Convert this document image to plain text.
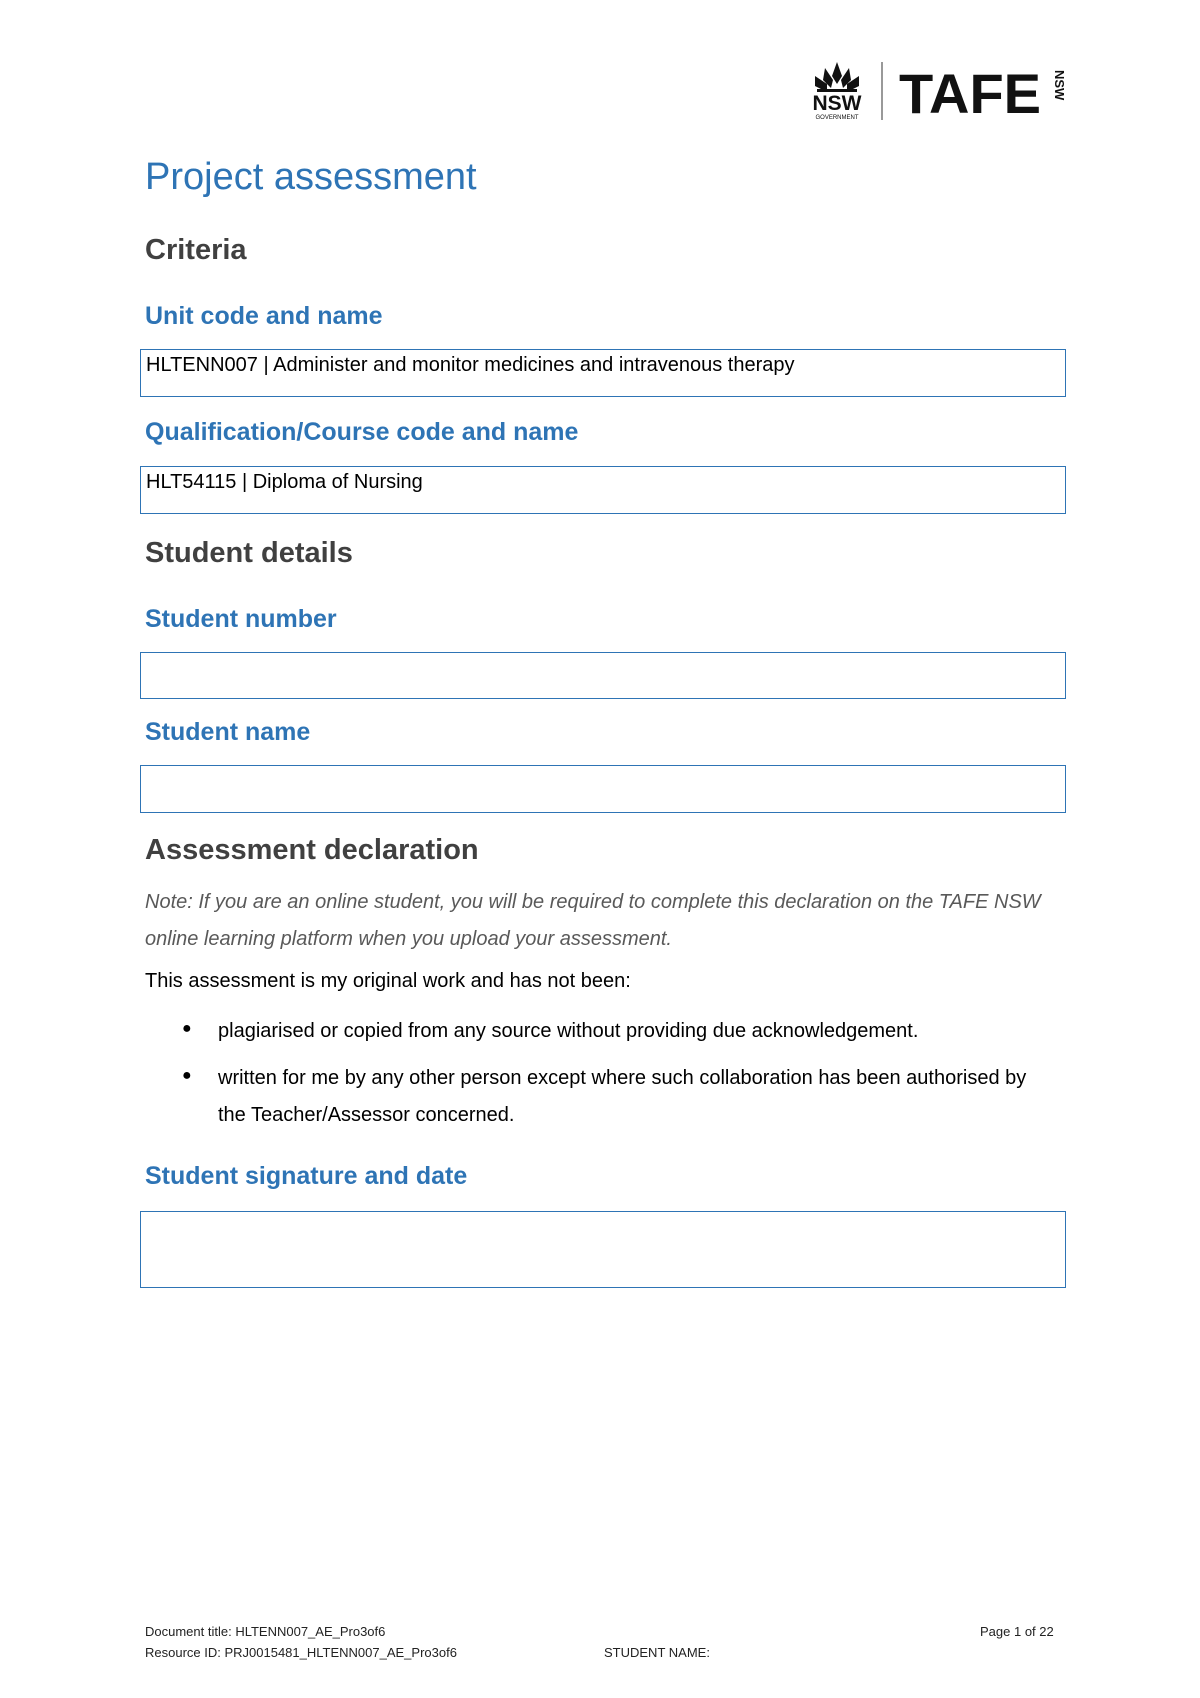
NSW
GOVERNMENT TAFE NSW
Project assessment
Criteria
Unit code and name
HLTENN007 | Administer and monitor medicines and intravenous therapy
Qualification/Course code and name
HLT54115 | Diploma of Nursing
Student details
Student number
Student name
Assessment declaration
Note: If you are an online student, you will be required to complete this declaration on the TAFE NSW online learning platform when you upload your assessment.
This assessment is my original work and has not been:
● plagiarised or copied from any source without providing due acknowledgement.
● written for me by any other person except where such collaboration has been authorised by the Teacher/Assessor concerned.
Student signature and date
Document title: HLTENN007_AE_Pro3of6
Resource ID: PRJ0015481_HLTENN007_AE_Pro3of6	STUDENT NAME:
Page 1 of 22
